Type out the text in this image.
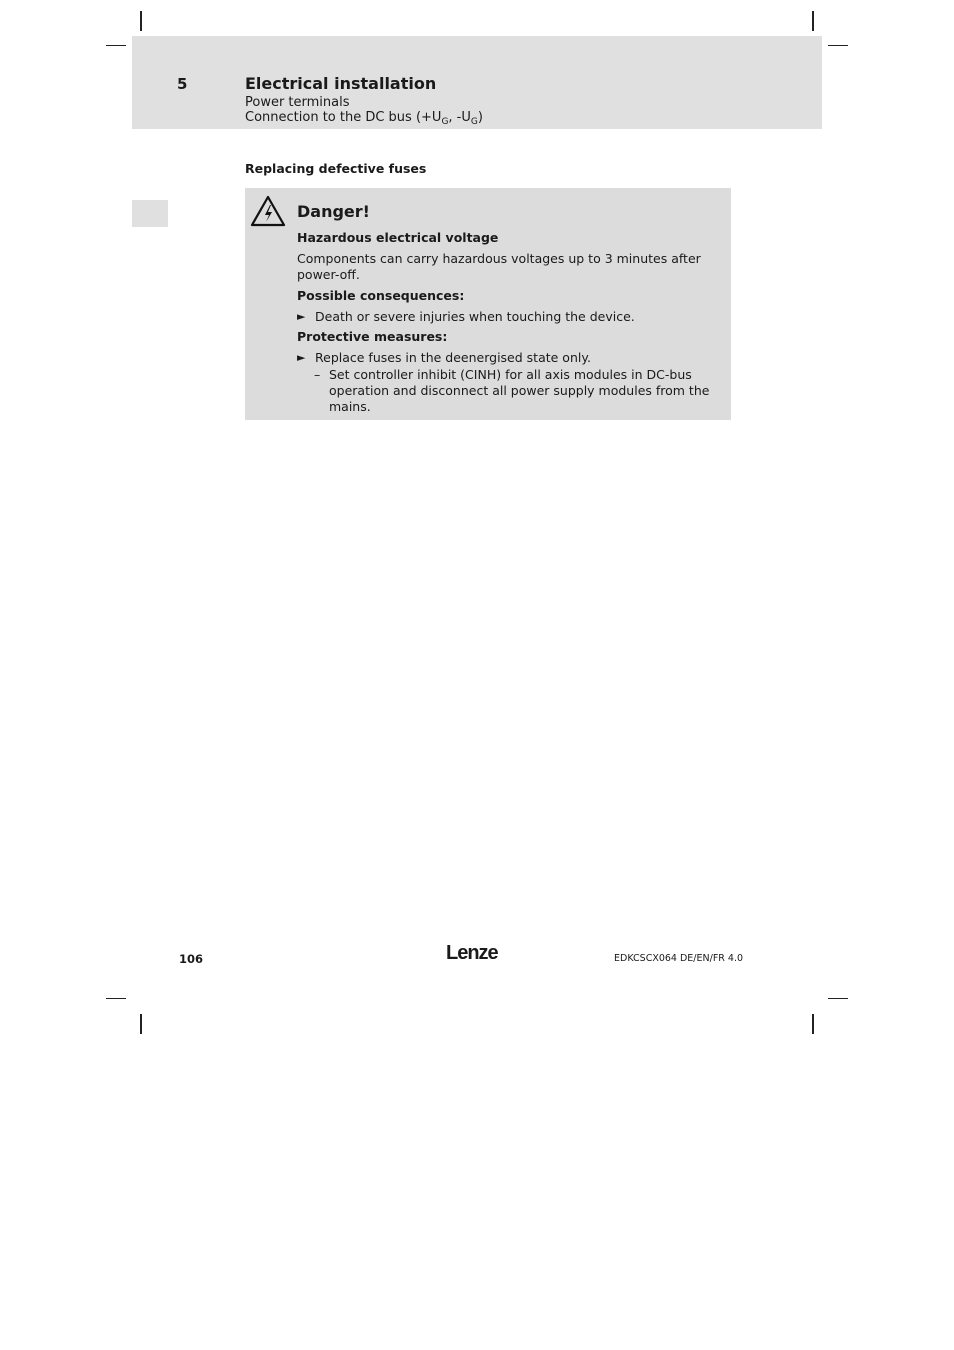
5	Electrical installation
Power terminals
Connection to the DC bus ($+U_G$, $-U_G$)
Replacing defective fuses
Danger!
Hazardous electrical voltage
Components can carry hazardous voltages up to 3 minutes after power-off.
Possible consequences:
► Death or severe injuries when touching the device.
Protective measures:
► Replace fuses in the deenergised state only.
– Set controller inhibit (CINH) for all axis modules in DC-bus operation and disconnect all power supply modules from the mains.
106	Lenze	EDKCSCX064 DE/EN/FR 4.0
